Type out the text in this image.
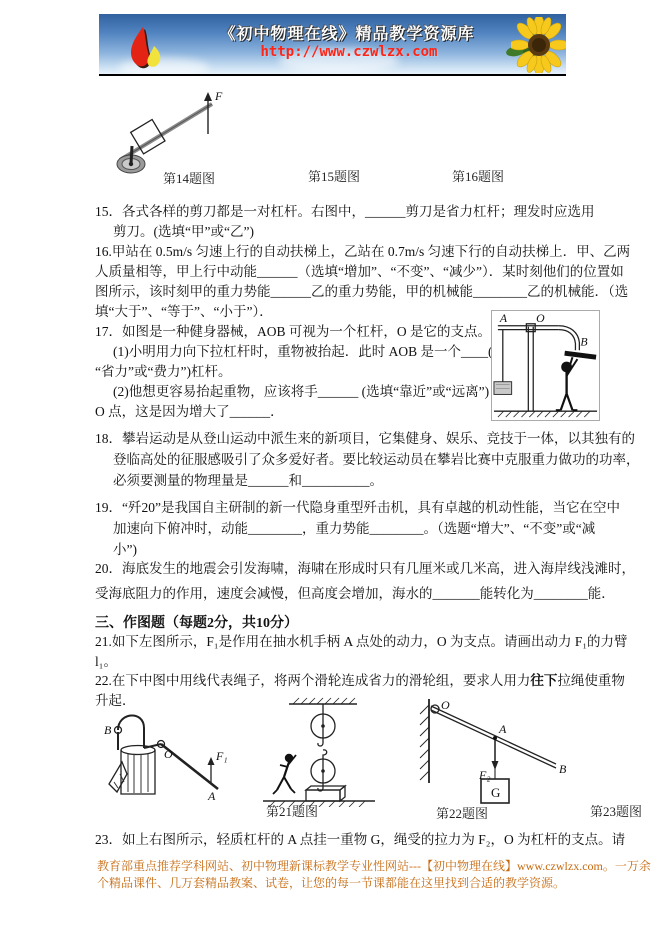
《初中物理在线》精品教学资源库
http://www.czwlzx.com
F
第14题图	第15题图	第16题图
15．各式各样的剪刀都是一对杠杆。右图中，______剪刀是省力杠杆；理发时应选用
剪刀。(选填“甲”或“乙”)
16.甲站在 0.5m/s 匀速上行的自动扶梯上，乙站在 0.7m/s 匀速下行的自动扶梯上．甲、乙两
人质量相等，甲上行中动能______（选填“增加”、“不变”、“减少”）．某时刻他们的位置如
图所示，该时刻甲的重力势能______乙的重力势能，甲的机械能________乙的机械能．（选
填“大于”、“等于”、“小于”）．
17．如图是一种健身器械，AOB 可视为一个杠杆，O 是它的支点。
(1)小明用力向下拉杠杆时，重物被抬起．此时 AOB 是一个____(选填
“省力”或“费力”)杠杆。
(2)他想更容易抬起重物，应该将手______ (选填“靠近”或“远离”)
O 点，这是因为增大了______．
A O
B
18．攀岩运动是从登山运动中派生来的新项目，它集健身、娱乐、竞技于一体，以其独有的
登临高处的征服感吸引了众多爱好者。要比较运动员在攀岩比赛中克服重力做功的功率，
必须要测量的物理量是______和__________。
19．“歼20”是我国自主研制的新一代隐身重型歼击机，具有卓越的机动性能，当它在空中
加速向下俯冲时，动能________，重力势能________。（选题“增大”、“不变”或“减
小”)
20．海底发生的地震会引发海啸，海啸在形成时只有几厘米或几米高，进入海岸线浅滩时，
受海底阻力的作用，速度会减慢，但高度会增加，海水的_______能转化为________能．
三、作图题（每题2分，共10分）
21.如下左图所示，F₁是作用在抽水机手柄 A 点处的动力，O 为支点。请画出动力 F₁的力臂
l₁。
22.在下中图中用线代表绳子，将两个滑轮连成省力的滑轮组，要求人用力往下拉绳使重物
升起．
B
O	F₁
A
O
A
F₂	B
G
第21题图	第22题图	第23题图
23．如上右图所示，轻质杠杆的 A 点挂一重物 G，绳受的拉力为 F₂，O 为杠杆的支点。请
教育部重点推荐学科网站、初中物理新课标教学专业性网站---【初中物理在线】www.czwlzx.com。一万余
个精品课件、几万套精品教案、试卷，让您的每一节课都能在这里找到合适的教学资源。
